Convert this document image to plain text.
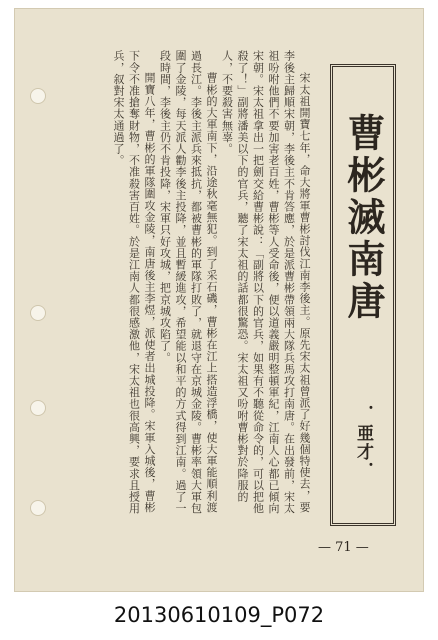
宋太祖開寶七年，命大將軍曹彬討伐江南李後主。原先宋太祖曾派了好幾個特使去，要李後主歸順宋朝，李後主不肯答應，於是派曹彬帶領兩大隊兵馬攻打南唐。在出發前，宋太祖吩咐他們不要加害老百姓，曹彬等人受命後，便以道義嚴明整頓軍紀，江南人心都已傾向宋朝。宋太祖拿出一把劍交給曹彬說：「副將以下的官兵，如果有不聽從命令的，可以把他殺了！」副將潘美以下的官兵，聽了宋太祖的話都很驚恐。宋太祖又吩咐曹彬對於降服的人，不要殺害無辜。

曹彬的大軍南下，沿途秋毫無犯。到了采石磯，曹彬在江上搭造浮橋，使大軍能順利渡過長江。李後主派兵來抵抗，都被曹彬的軍隊打敗了，就退守在京城金陵。曹彬率領大軍包圍了金陵，每天派人勸李後主投降，並且暫緩進攻，希望能以和平的方式得到江南。過了一段時間，李後主仍不肯投降，宋軍只好攻城，把京城攻陷了。

開寶八年，曹彬的軍隊圍攻金陵，南唐後主李煜，派使者出城投降。宋軍入城後，曹彬下令不准搶奪財物，不准殺害百姓。於是江南人都很感激他，宋太祖也很高興，要求且授用兵，叙對宋太通過了。

曹彬滅南唐
．亜才．
— 71 —
20130610109_P072
